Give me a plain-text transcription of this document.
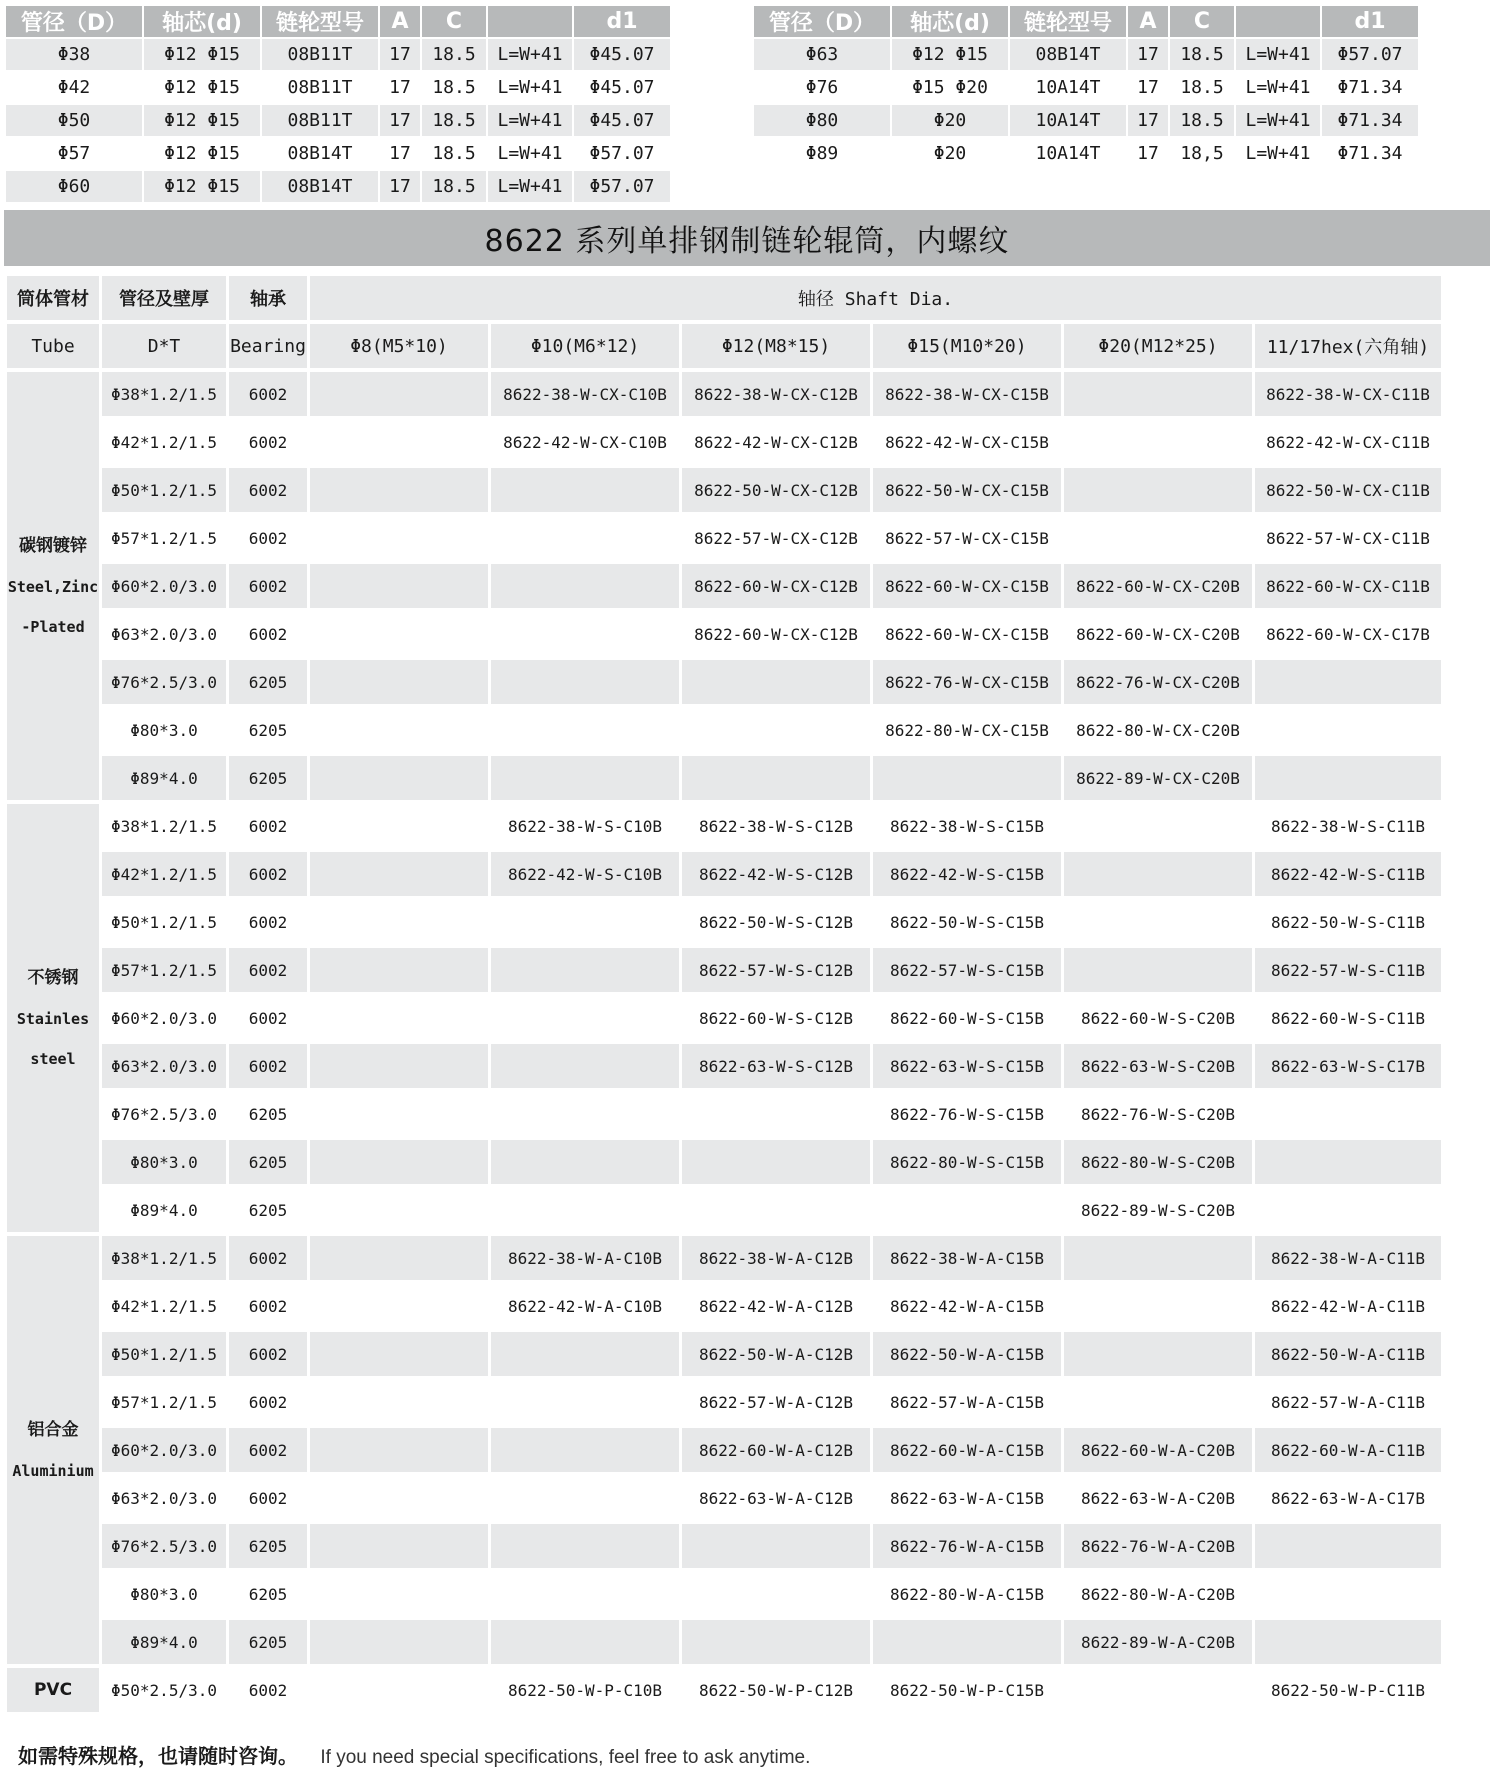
管径（D）	轴芯(d)	链轮型号	A	C		d1
Φ38	Φ12 Φ15	08B11T	17	18.5	L=W+41	Φ45.07
Φ42	Φ12 Φ15	08B11T	17	18.5	L=W+41	Φ45.07
Φ50	Φ12 Φ15	08B11T	17	18.5	L=W+41	Φ45.07
Φ57	Φ12 Φ15	08B14T	17	18.5	L=W+41	Φ57.07
Φ60	Φ12 Φ15	08B14T	17	18.5	L=W+41	Φ57.07
管径（D）	轴芯(d)	链轮型号	A	C		d1
Φ63	Φ12 Φ15	08B14T	17	18.5	L=W+41	Φ57.07
Φ76	Φ15 Φ20	10A14T	17	18.5	L=W+41	Φ71.34
Φ80	Φ20	10A14T	17	18.5	L=W+41	Φ71.34
Φ89	Φ20	10A14T	17	18,5	L=W+41	Φ71.34
8622 系列单排钢制链轮辊筒，内螺纹
筒体管材	管径及壁厚	轴承	轴径 Shaft Dia.					
Tube	D*T	Bearing	Φ8(M5*10)	Φ10(M6*12)	Φ12(M8*15)	Φ15(M10*20)	Φ20(M12*25)	11/17hex(六角轴)

碳钢镀锌
Steel,Zinc
-Plated	Φ38*1.2/1.5	6002		8622-38-W-CX-C10B	8622-38-W-CX-C12B	8622-38-W-CX-C15B		8622-38-W-CX-C11B
	Φ42*1.2/1.5	6002		8622-42-W-CX-C10B	8622-42-W-CX-C12B	8622-42-W-CX-C15B		8622-42-W-CX-C11B
	Φ50*1.2/1.5	6002			8622-50-W-CX-C12B	8622-50-W-CX-C15B		8622-50-W-CX-C11B
	Φ57*1.2/1.5	6002			8622-57-W-CX-C12B	8622-57-W-CX-C15B		8622-57-W-CX-C11B
	Φ60*2.0/3.0	6002			8622-60-W-CX-C12B	8622-60-W-CX-C15B	8622-60-W-CX-C20B	8622-60-W-CX-C11B
	Φ63*2.0/3.0	6002			8622-60-W-CX-C12B	8622-60-W-CX-C15B	8622-60-W-CX-C20B	8622-60-W-CX-C17B
	Φ76*2.5/3.0	6205				8622-76-W-CX-C15B	8622-76-W-CX-C20B	
	Φ80*3.0	6205				8622-80-W-CX-C15B	8622-80-W-CX-C20B	
	Φ89*4.0	6205					8622-89-W-CX-C20B	

不锈钢
Stainles
steel	Φ38*1.2/1.5	6002		8622-38-W-S-C10B	8622-38-W-S-C12B	8622-38-W-S-C15B		8622-38-W-S-C11B
	Φ42*1.2/1.5	6002		8622-42-W-S-C10B	8622-42-W-S-C12B	8622-42-W-S-C15B		8622-42-W-S-C11B
	Φ50*1.2/1.5	6002			8622-50-W-S-C12B	8622-50-W-S-C15B		8622-50-W-S-C11B
	Φ57*1.2/1.5	6002			8622-57-W-S-C12B	8622-57-W-S-C15B		8622-57-W-S-C11B
	Φ60*2.0/3.0	6002			8622-60-W-S-C12B	8622-60-W-S-C15B	8622-60-W-S-C20B	8622-60-W-S-C11B
	Φ63*2.0/3.0	6002			8622-63-W-S-C12B	8622-63-W-S-C15B	8622-63-W-S-C20B	8622-63-W-S-C17B
	Φ76*2.5/3.0	6205				8622-76-W-S-C15B	8622-76-W-S-C20B	
	Φ80*3.0	6205				8622-80-W-S-C15B	8622-80-W-S-C20B	
	Φ89*4.0	6205					8622-89-W-S-C20B	

铝合金
Aluminium	Φ38*1.2/1.5	6002		8622-38-W-A-C10B	8622-38-W-A-C12B	8622-38-W-A-C15B		8622-38-W-A-C11B
	Φ42*1.2/1.5	6002		8622-42-W-A-C10B	8622-42-W-A-C12B	8622-42-W-A-C15B		8622-42-W-A-C11B
	Φ50*1.2/1.5	6002			8622-50-W-A-C12B	8622-50-W-A-C15B		8622-50-W-A-C11B
	Φ57*1.2/1.5	6002			8622-57-W-A-C12B	8622-57-W-A-C15B		8622-57-W-A-C11B
	Φ60*2.0/3.0	6002			8622-60-W-A-C12B	8622-60-W-A-C15B	8622-60-W-A-C20B	8622-60-W-A-C11B
	Φ63*2.0/3.0	6002			8622-63-W-A-C12B	8622-63-W-A-C15B	8622-63-W-A-C20B	8622-63-W-A-C17B
	Φ76*2.5/3.0	6205				8622-76-W-A-C15B	8622-76-W-A-C20B	
	Φ80*3.0	6205				8622-80-W-A-C15B	8622-80-W-A-C20B	
	Φ89*4.0	6205					8622-89-W-A-C20B	

PVC	Φ50*2.5/3.0	6002		8622-50-W-P-C10B	8622-50-W-P-C12B	8622-50-W-P-C15B		8622-50-W-P-C11B
如需特殊规格，也请随时咨询。 If you need special specifications, feel free to ask anytime.
